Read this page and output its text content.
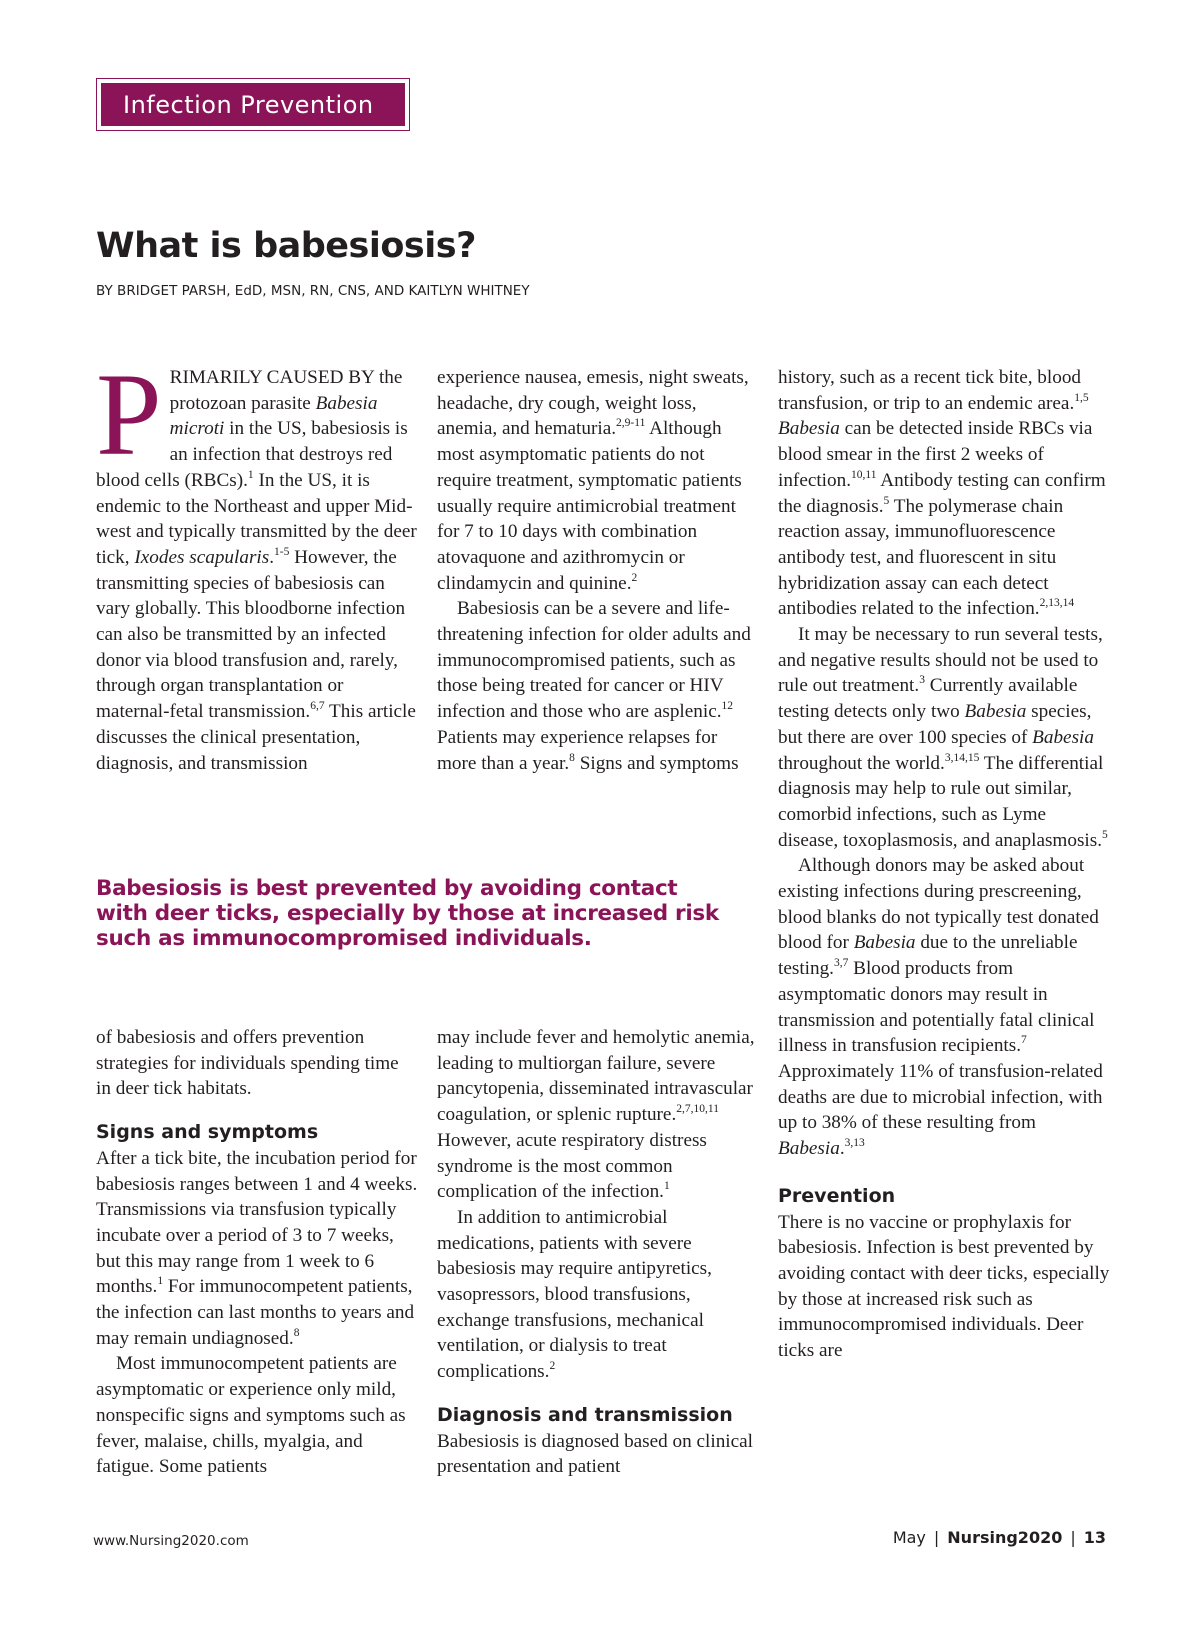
Infection Prevention
What is babesiosis?
BY BRIDGET PARSH, EdD, MSN, RN, CNS, AND KAITLYN WHITNEY

PRIMARILY CAUSED BY the protozoan parasite Babesia microti in the US, babesiosis is an infection that destroys red blood cells (RBCs).$^1$ In the US, it is endemic to the Northeast and upper Midwest and typically transmitted by the deer tick, Ixodes scapularis.$^{1-5}$ However, the transmitting species of babesiosis can vary globally. This bloodborne infection can also be transmitted by an infected donor via blood transfusion and, rarely, through organ transplantation or maternal-fetal transmission.$^{6,7}$ This article discusses the clinical presentation, diagnosis, and transmission

experience nausea, emesis, night sweats, headache, dry cough, weight loss, anemia, and hematuria.$^{2,9-11}$ Although most asymptomatic patients do not require treatment, symptomatic patients usually require antimicrobial treatment for 7 to 10 days with combination atovaquone and azithromycin or clindamycin and quinine.$^2$

Babesiosis can be a severe and life-threatening infection for older adults and immunocompromised patients, such as those being treated for cancer or HIV infection and those who are asplenic.$^{12}$ Patients may experience relapses for more than a year.$^8$ Signs and symptoms

Babesiosis is best prevented by avoiding contact with deer ticks, especially by those at increased risk such as immunocompromised individuals.

of babesiosis and offers prevention strategies for individuals spending time in deer tick habitats.

Signs and symptoms

After a tick bite, the incubation period for babesiosis ranges between 1 and 4 weeks. Transmissions via transfusion typically incubate over a period of 3 to 7 weeks, but this may range from 1 week to 6 months.$^1$ For immunocompetent patients, the infection can last months to years and may remain undiagnosed.$^8$

Most immunocompetent patients are asymptomatic or experience only mild, nonspecific signs and symptoms such as fever, malaise, chills, myalgia, and fatigue. Some patients

may include fever and hemolytic anemia, leading to multiorgan failure, severe pancytopenia, disseminated intravascular coagulation, or splenic rupture.$^{2,7,10,11}$ However, acute respiratory distress syndrome is the most common complication of the infection.$^1$

In addition to antimicrobial medications, patients with severe babesiosis may require antipyretics, vasopressors, blood transfusions, exchange transfusions, mechanical ventilation, or dialysis to treat complications.$^2$

Diagnosis and transmission

Babesiosis is diagnosed based on clinical presentation and patient

history, such as a recent tick bite, blood transfusion, or trip to an endemic area.$^{1,5}$ Babesia can be detected inside RBCs via blood smear in the first 2 weeks of infection.$^{10,11}$ Antibody testing can confirm the diagnosis.$^5$ The polymerase chain reaction assay, immunofluorescence antibody test, and fluorescent in situ hybridization assay can each detect antibodies related to the infection.$^{2,13,14}$

It may be necessary to run several tests, and negative results should not be used to rule out treatment.$^3$ Currently available testing detects only two Babesia species, but there are over 100 species of Babesia throughout the world.$^{3,14,15}$ The differential diagnosis may help to rule out similar, comorbid infections, such as Lyme disease, toxoplasmosis, and anaplasmosis.$^5$

Although donors may be asked about existing infections during prescreening, blood blanks do not typically test donated blood for Babesia due to the unreliable testing.$^{3,7}$ Blood products from asymptomatic donors may result in transmission and potentially fatal clinical illness in transfusion recipients.$^7$ Approximately 11% of transfusion-related deaths are due to microbial infection, with up to 38% of these resulting from Babesia.$^{3,13}$

Prevention

There is no vaccine or prophylaxis for babesiosis. Infection is best prevented by avoiding contact with deer ticks, especially by those at increased risk such as immunocompromised individuals. Deer ticks are

www.Nursing2020.com	May | Nursing2020 | 13
